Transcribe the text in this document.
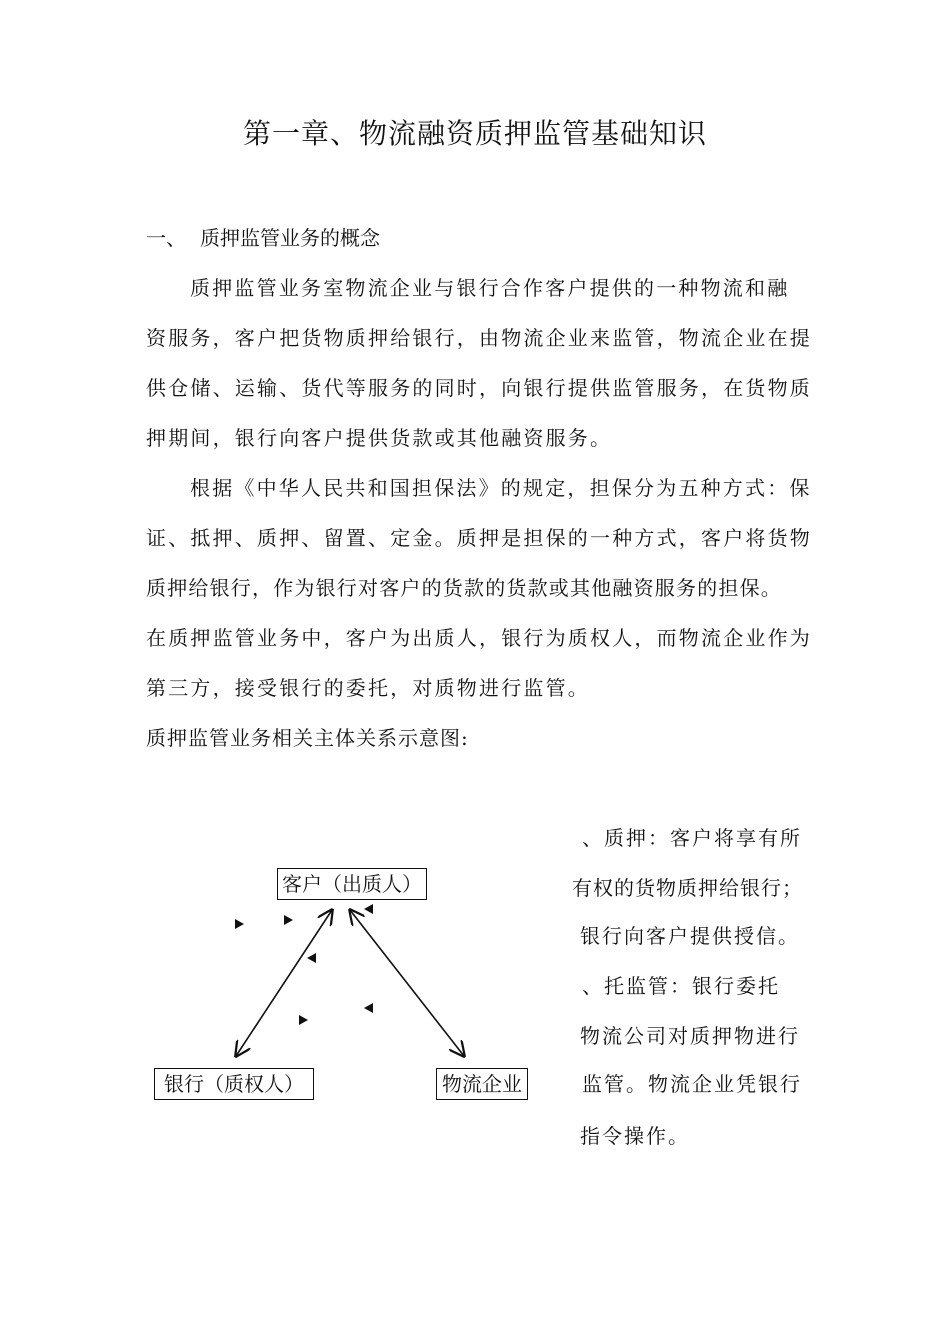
第一章、物流融资质押监管基础知识
一、 质押监管业务的概念
质押监管业务室物流企业与银行合作客户提供的一种物流和融
资服务，客户把货物质押给银行，由物流企业来监管，物流企业在提
供仓储、运输、货代等服务的同时，向银行提供监管服务，在货物质
押期间，银行向客户提供货款或其他融资服务。
根据《中华人民共和国担保法》的规定，担保分为五种方式：保
证、抵押、质押、留置、定金。质押是担保的一种方式，客户将货物
质押给银行，作为银行对客户的货款的货款或其他融资服务的担保。
在质押监管业务中，客户为出质人，银行为质权人，而物流企业作为
第三方，接受银行的委托，对质物进行监管。
质押监管业务相关主体关系示意图:
客户（出质人）
银行（质权人）	物流企业
、质押：客户将享有所
有权的货物质押给银行；
银行向客户提供授信。
、托监管：银行委托
物流公司对质押物进行
监管。物流企业凭银行
指令操作。
